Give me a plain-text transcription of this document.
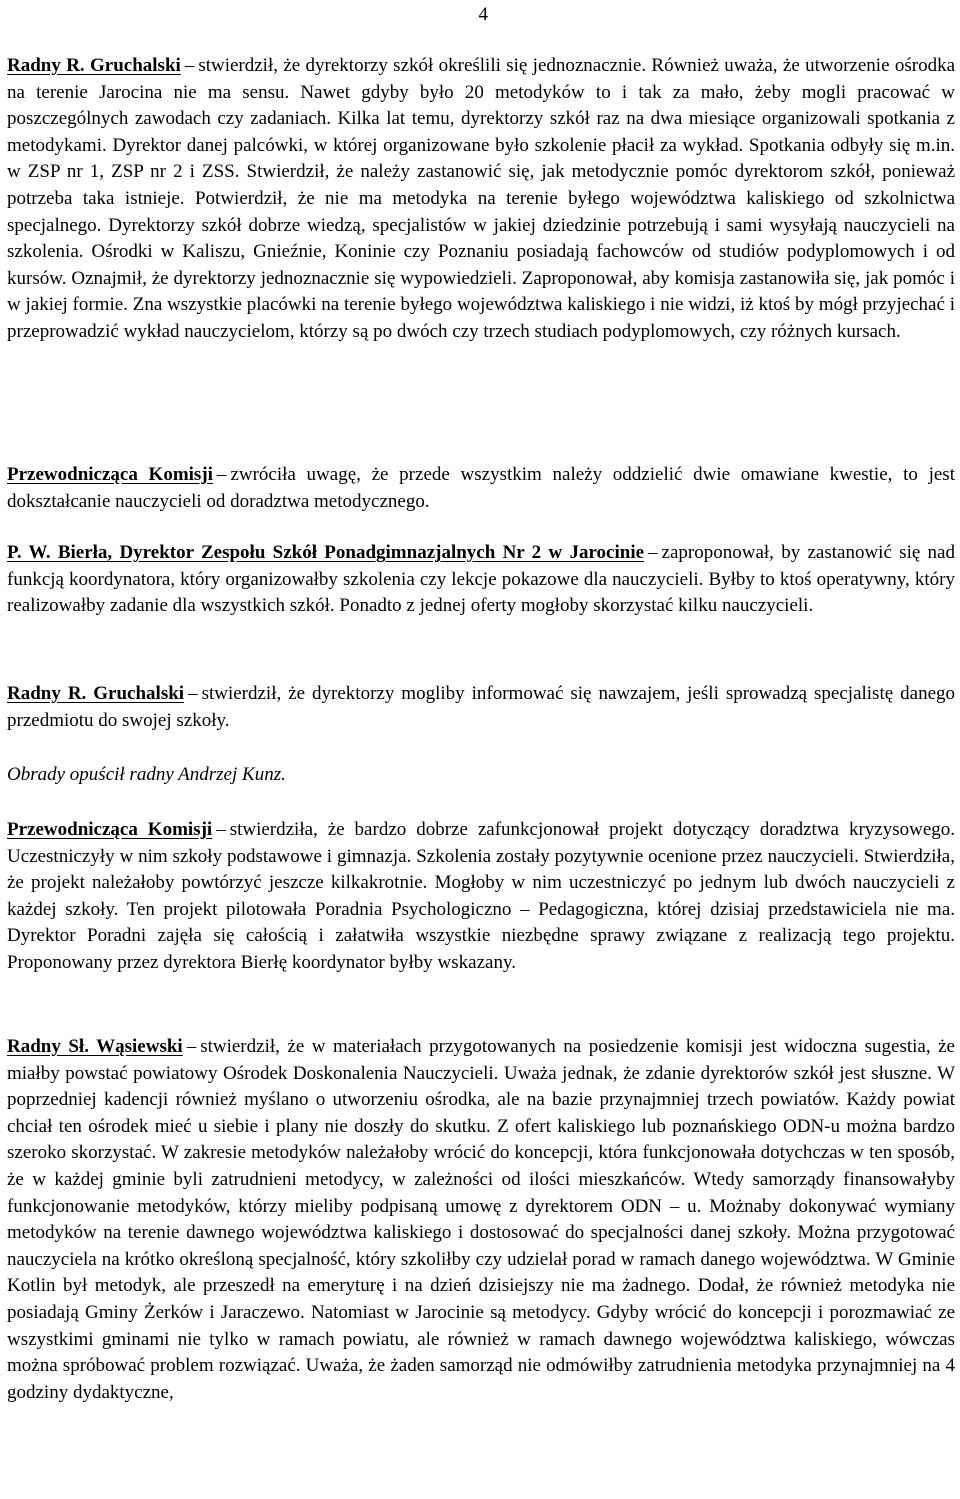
4

Radny R. Gruchalski – stwierdził, że dyrektorzy szkół określili się jednoznacznie. Również uważa, że utworzenie ośrodka na terenie Jarocina nie ma sensu. Nawet gdyby było 20 metodyków to i tak za mało, żeby mogli pracować w poszczególnych zawodach czy zadaniach. Kilka lat temu, dyrektorzy szkół raz na dwa miesiące organizowali spotkania z metodykami. Dyrektor danej palcówki, w której organizowane było szkolenie płacił za wykład. Spotkania odbyły się m.in. w ZSP nr 1, ZSP nr 2 i ZSS. Stwierdził, że należy zastanowić się, jak metodycznie pomóc dyrektorom szkół, ponieważ potrzeba taka istnieje. Potwierdził, że nie ma metodyka na terenie byłego województwa kaliskiego od szkolnictwa specjalnego. Dyrektorzy szkół dobrze wiedzą, specjalistów w jakiej dziedzinie potrzebują i sami wysyłają nauczycieli na szkolenia. Ośrodki w Kaliszu, Gnieźnie, Koninie czy Poznaniu posiadają fachowców od studiów podyplomowych i od kursów. Oznajmił, że dyrektorzy jednoznacznie się wypowiedzieli. Zaproponował, aby komisja zastanowiła się, jak pomóc i w jakiej formie. Zna wszystkie placówki na terenie byłego województwa kaliskiego i nie widzi, iż ktoś by mógł przyjechać i przeprowadzić wykład nauczycielom, którzy są po dwóch czy trzech studiach podyplomowych, czy różnych kursach.

Przewodnicząca Komisji – zwróciła uwagę, że przede wszystkim należy oddzielić dwie omawiane kwestie, to jest dokształcanie nauczycieli od doradztwa metodycznego.

P. W. Bierła, Dyrektor Zespołu Szkół Ponadgimnazjalnych Nr 2 w Jarocinie – zaproponował, by zastanowić się nad funkcją koordynatora, który organizowałby szkolenia czy lekcje pokazowe dla nauczycieli. Byłby to ktoś operatywny, który realizowałby zadanie dla wszystkich szkół. Ponadto z jednej oferty mogłoby skorzystać kilku nauczycieli.

Radny R. Gruchalski – stwierdził, że dyrektorzy mogliby informować się nawzajem, jeśli sprowadzą specjalistę danego przedmiotu do swojej szkoły.

Obrady opuścił radny Andrzej Kunz.

Przewodnicząca Komisji – stwierdziła, że bardzo dobrze zafunkcjonował projekt dotyczący doradztwa kryzysowego. Uczestniczyły w nim szkoły podstawowe i gimnazja. Szkolenia zostały pozytywnie ocenione przez nauczycieli. Stwierdziła, że projekt należałoby powtórzyć jeszcze kilkakrotnie. Mogłoby w nim uczestniczyć po jednym lub dwóch nauczycieli z każdej szkoły. Ten projekt pilotowała Poradnia Psychologiczno – Pedagogiczna, której dzisiaj przedstawiciela nie ma. Dyrektor Poradni zajęła się całością i załatwiła wszystkie niezbędne sprawy związane z realizacją tego projektu. Proponowany przez dyrektora Bierłę koordynator byłby wskazany.

Radny Sł. Wąsiewski – stwierdził, że w materiałach przygotowanych na posiedzenie komisji jest widoczna sugestia, że miałby powstać powiatowy Ośrodek Doskonalenia Nauczycieli. Uważa jednak, że zdanie dyrektorów szkół jest słuszne. W poprzedniej kadencji również myślano o utworzeniu ośrodka, ale na bazie przynajmniej trzech powiatów. Każdy powiat chciał ten ośrodek mieć u siebie i plany nie doszły do skutku. Z ofert kaliskiego lub poznańskiego ODN-u można bardzo szeroko skorzystać. W zakresie metodyków należałoby wrócić do koncepcji, która funkcjonowała dotychczas w ten sposób, że w każdej gminie byli zatrudnieni metodycy, w zależności od ilości mieszkańców. Wtedy samorządy finansowałyby funkcjonowanie metodyków, którzy mieliby podpisaną umowę z dyrektorem ODN – u. Możnaby dokonywać wymiany metodyków na terenie dawnego województwa kaliskiego i dostosować do specjalności danej szkoły. Można przygotować nauczyciela na krótko określoną specjalność, który szkoliłby czy udzielał porad w ramach danego województwa. W Gminie Kotlin był metodyk, ale przeszedł na emeryturę i na dzień dzisiejszy nie ma żadnego. Dodał, że również metodyka nie posiadają Gminy Żerków i Jaraczewo. Natomiast w Jarocinie są metodycy. Gdyby wrócić do koncepcji i porozmawiać ze wszystkimi gminami nie tylko w ramach powiatu, ale również w ramach dawnego województwa kaliskiego, wówczas można spróbować problem rozwiązać. Uważa, że żaden samorząd nie odmówiłby zatrudnienia metodyka przynajmniej na 4 godziny dydaktyczne,
